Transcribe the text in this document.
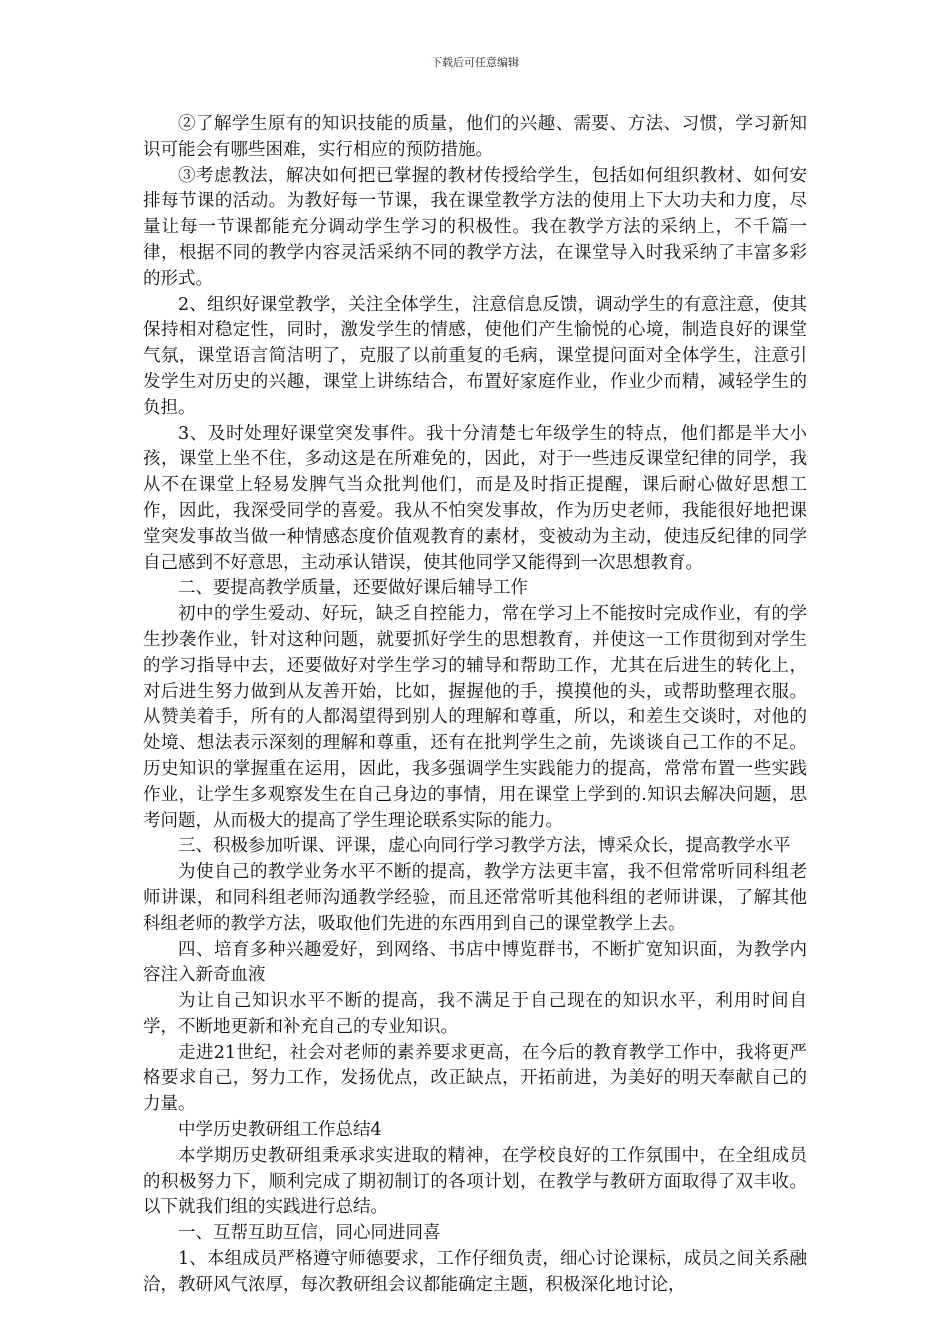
下载后可任意编辑

②了解学生原有的知识技能的质量，他们的兴趣、需要、方法、习惯，学习新知识可能会有哪些困难，实行相应的预防措施。

③考虑教法，解决如何把已掌握的教材传授给学生，包括如何组织教材、如何安排每节课的活动。为教好每一节课，我在课堂教学方法的使用上下大功夫和力度，尽量让每一节课都能充分调动学生学习的积极性。我在教学方法的采纳上，不千篇一律，根据不同的教学内容灵活采纳不同的教学方法，在课堂导入时我采纳了丰富多彩的形式。

2、组织好课堂教学，关注全体学生，注意信息反馈，调动学生的有意注意，使其保持相对稳定性，同时，激发学生的情感，使他们产生愉悦的心境，制造良好的课堂气氛，课堂语言简洁明了，克服了以前重复的毛病，课堂提问面对全体学生，注意引发学生对历史的兴趣，课堂上讲练结合，布置好家庭作业，作业少而精，减轻学生的负担。

3、及时处理好课堂突发事件。我十分清楚七年级学生的特点，他们都是半大小孩，课堂上坐不住，多动这是在所难免的，因此，对于一些违反课堂纪律的同学，我从不在课堂上轻易发脾气当众批判他们，而是及时指正提醒，课后耐心做好思想工作，因此，我深受同学的喜爱。我从不怕突发事故，作为历史老师，我能很好地把课堂突发事故当做一种情感态度价值观教育的素材，变被动为主动，使违反纪律的同学自己感到不好意思，主动承认错误，使其他同学又能得到一次思想教育。

二、要提高教学质量，还要做好课后辅导工作

初中的学生爱动、好玩，缺乏自控能力，常在学习上不能按时完成作业，有的学生抄袭作业，针对这种问题，就要抓好学生的思想教育，并使这一工作贯彻到对学生的学习指导中去，还要做好对学生学习的辅导和帮助工作，尤其在后进生的转化上，对后进生努力做到从友善开始，比如，握握他的手，摸摸他的头，或帮助整理衣服。从赞美着手，所有的人都渴望得到别人的理解和尊重，所以，和差生交谈时，对他的处境、想法表示深刻的理解和尊重，还有在批判学生之前，先谈谈自己工作的不足。历史知识的掌握重在运用，因此，我多强调学生实践能力的提高，常常布置一些实践作业，让学生多观察发生在自己身边的事情，用在课堂上学到的.知识去解决问题，思考问题，从而极大的提高了学生理论联系实际的能力。

三、积极参加听课、评课，虚心向同行学习教学方法，博采众长，提高教学水平

为使自己的教学业务水平不断的提高，教学方法更丰富，我不但常常听同科组老师讲课，和同科组老师沟通教学经验，而且还常常听其他科组的老师讲课，了解其他科组老师的教学方法，吸取他们先进的东西用到自己的课堂教学上去。

四、培育多种兴趣爱好，到网络、书店中博览群书，不断扩宽知识面，为教学内容注入新奇血液

为让自己知识水平不断的提高，我不满足于自己现在的知识水平，利用时间自学，不断地更新和补充自己的专业知识。

走进21世纪，社会对老师的素养要求更高，在今后的教育教学工作中，我将更严格要求自己，努力工作，发扬优点，改正缺点，开拓前进，为美好的明天奉献自己的力量。

中学历史教研组工作总结4

本学期历史教研组秉承求实进取的精神，在学校良好的工作氛围中，在全组成员的积极努力下，顺利完成了期初制订的各项计划，在教学与教研方面取得了双丰收。以下就我们组的实践进行总结。

一、互帮互助互信，同心同进同喜

1、本组成员严格遵守师德要求，工作仔细负责，细心讨论课标，成员之间关系融洽，教研风气浓厚，每次教研组会议都能确定主题，积极深化地讨论，
